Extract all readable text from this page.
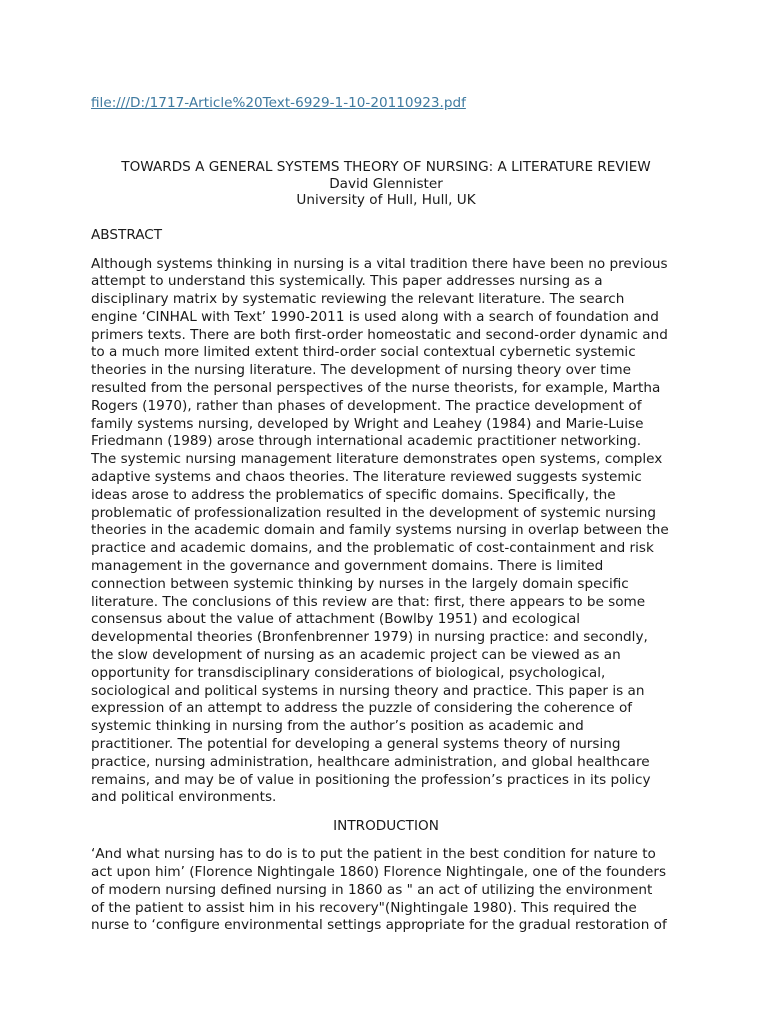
file:///D:/1717-Article%20Text-6929-1-10-20110923.pdf
TOWARDS A GENERAL SYSTEMS THEORY OF NURSING: A LITERATURE REVIEW
David Glennister
University of Hull, Hull, UK
ABSTRACT
Although systems thinking in nursing is a vital tradition there have been no previous
attempt to understand this systemically. This paper addresses nursing as a
disciplinary matrix by systematic reviewing the relevant literature. The search
engine ‘CINHAL with Text’ 1990-2011 is used along with a search of foundation and
primers texts. There are both first-order homeostatic and second-order dynamic and
to a much more limited extent third-order social contextual cybernetic systemic
theories in the nursing literature. The development of nursing theory over time
resulted from the personal perspectives of the nurse theorists, for example, Martha
Rogers (1970), rather than phases of development. The practice development of
family systems nursing, developed by Wright and Leahey (1984) and Marie-Luise
Friedmann (1989) arose through international academic practitioner networking.
The systemic nursing management literature demonstrates open systems, complex
adaptive systems and chaos theories. The literature reviewed suggests systemic
ideas arose to address the problematics of specific domains. Specifically, the
problematic of professionalization resulted in the development of systemic nursing
theories in the academic domain and family systems nursing in overlap between the
practice and academic domains, and the problematic of cost-containment and risk
management in the governance and government domains. There is limited
connection between systemic thinking by nurses in the largely domain specific
literature. The conclusions of this review are that: first, there appears to be some
consensus about the value of attachment (Bowlby 1951) and ecological
developmental theories (Bronfenbrenner 1979) in nursing practice: and secondly,
the slow development of nursing as an academic project can be viewed as an
opportunity for transdisciplinary considerations of biological, psychological,
sociological and political systems in nursing theory and practice. This paper is an
expression of an attempt to address the puzzle of considering the coherence of
systemic thinking in nursing from the author’s position as academic and
practitioner. The potential for developing a general systems theory of nursing
practice, nursing administration, healthcare administration, and global healthcare
remains, and may be of value in positioning the profession’s practices in its policy
and political environments.
INTRODUCTION
‘And what nursing has to do is to put the patient in the best condition for nature to
act upon him’ (Florence Nightingale 1860) Florence Nightingale, one of the founders
of modern nursing defined nursing in 1860 as " an act of utilizing the environment
of the patient to assist him in his recovery"(Nightingale 1980). This required the
nurse to ‘configure environmental settings appropriate for the gradual restoration of
